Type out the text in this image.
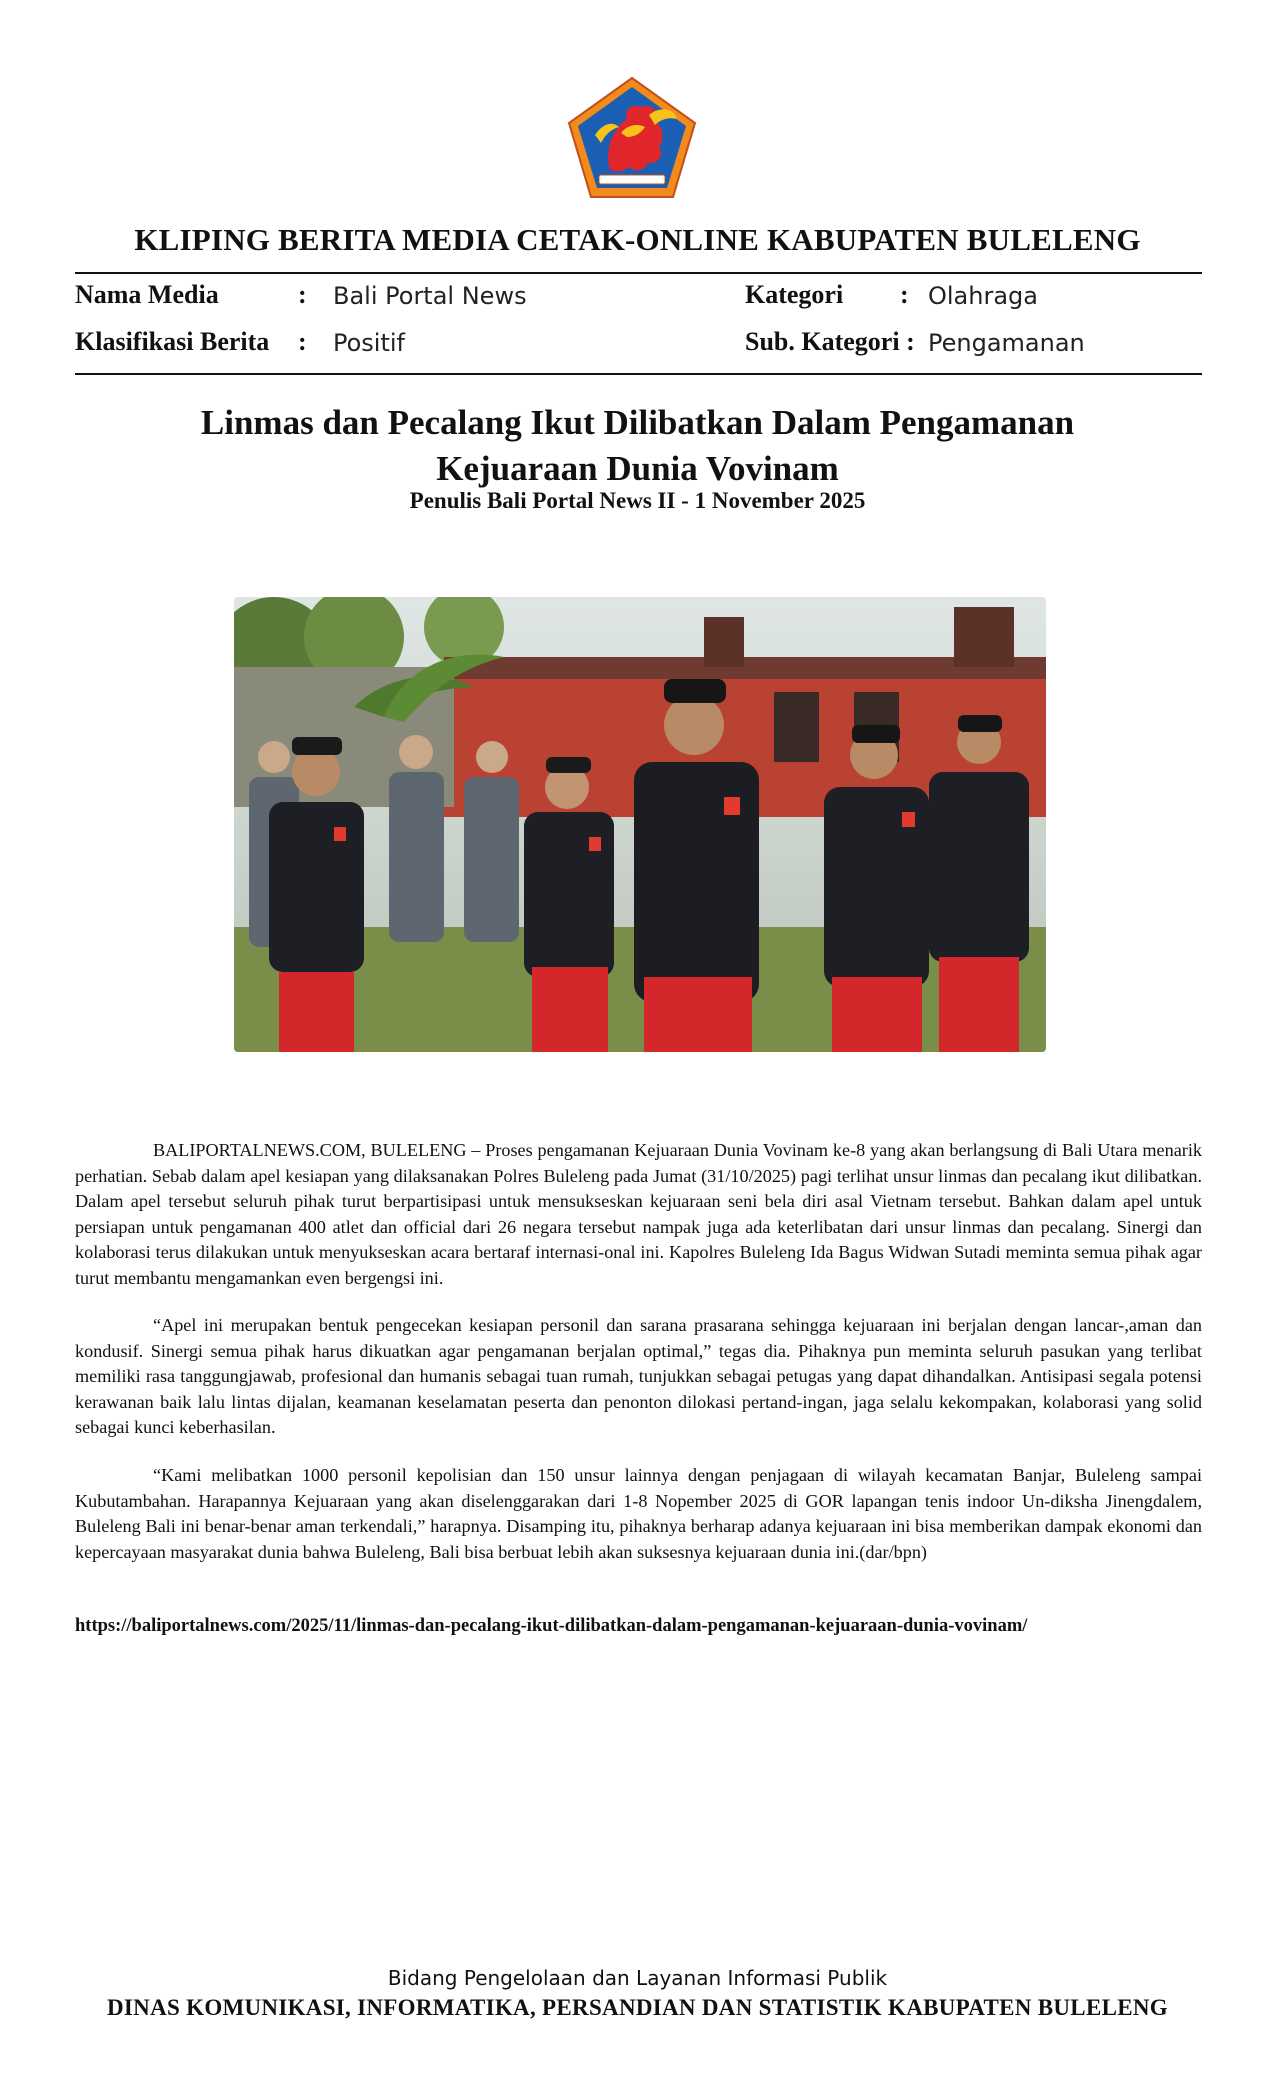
KLIPING BERITA MEDIA CETAK-ONLINE KABUPATEN BULELENG
Nama Media	: Bali Portal News	Kategori : Olahraga
Klasifikasi Berita : Positif	Sub. Kategori : Pengamanan
Linmas dan Pecalang Ikut Dilibatkan Dalam Pengamanan
Kejuaraan Dunia Vovinam
Penulis Bali Portal News II - 1 November 2025

BALIPORTALNEWS.COM, BULELENG – Proses pengamanan Kejuaraan Dunia Vovinam ke-8 yang akan berlangsung di Bali Utara menarik perhatian. Sebab dalam apel kesiapan yang dilaksanakan Polres Buleleng pada Jumat (31/10/2025) pagi terlihat unsur linmas dan pecalang ikut dilibatkan. Dalam apel tersebut seluruh pihak turut berpartisipasi untuk mensukseskan kejuaraan seni bela diri asal Vietnam tersebut. Bahkan dalam apel untuk persiapan untuk pengamanan 400 atlet dan official dari 26 negara tersebut nampak juga ada keterlibatan dari unsur linmas dan pecalang. Sinergi dan kolaborasi terus dilakukan untuk menyukseskan acara bertaraf internasi-onal ini. Kapolres Buleleng Ida Bagus Widwan Sutadi meminta semua pihak agar turut membantu mengamankan even bergengsi ini.

“Apel ini merupakan bentuk pengecekan kesiapan personil dan sarana prasarana sehingga kejuaraan ini berjalan dengan lancar-,aman dan kondusif. Sinergi semua pihak harus dikuatkan agar pengamanan berjalan optimal,” tegas dia. Pihaknya pun meminta seluruh pasukan yang terlibat memiliki rasa tanggungjawab, profesional dan humanis sebagai tuan rumah, tunjukkan sebagai petugas yang dapat dihandalkan. Antisipasi segala potensi kerawanan baik lalu lintas dijalan, keamanan keselamatan peserta dan penonton dilokasi pertand-ingan, jaga selalu kekompakan, kolaborasi yang solid sebagai kunci keberhasilan.

“Kami melibatkan 1000 personil kepolisian dan 150 unsur lainnya dengan penjagaan di wilayah kecamatan Banjar, Buleleng sampai Kubutambahan. Harapannya Kejuaraan yang akan diselenggarakan dari 1-8 Nopember 2025 di GOR lapangan tenis indoor Un-diksha Jinengdalem, Buleleng Bali ini benar-benar aman terkendali,” harapnya. Disamping itu, pihaknya berharap adanya kejuaraan ini bisa memberikan dampak ekonomi dan kepercayaan masyarakat dunia bahwa Buleleng, Bali bisa berbuat lebih akan suksesnya kejuaraan dunia ini.(dar/bpn)

https://baliportalnews.com/2025/11/linmas-dan-pecalang-ikut-dilibatkan-dalam-pengamanan-kejuaraan-dunia-vovinam/
Bidang Pengelolaan dan Layanan Informasi Publik
DINAS KOMUNIKASI, INFORMATIKA, PERSANDIAN DAN STATISTIK KABUPATEN BULELENG
